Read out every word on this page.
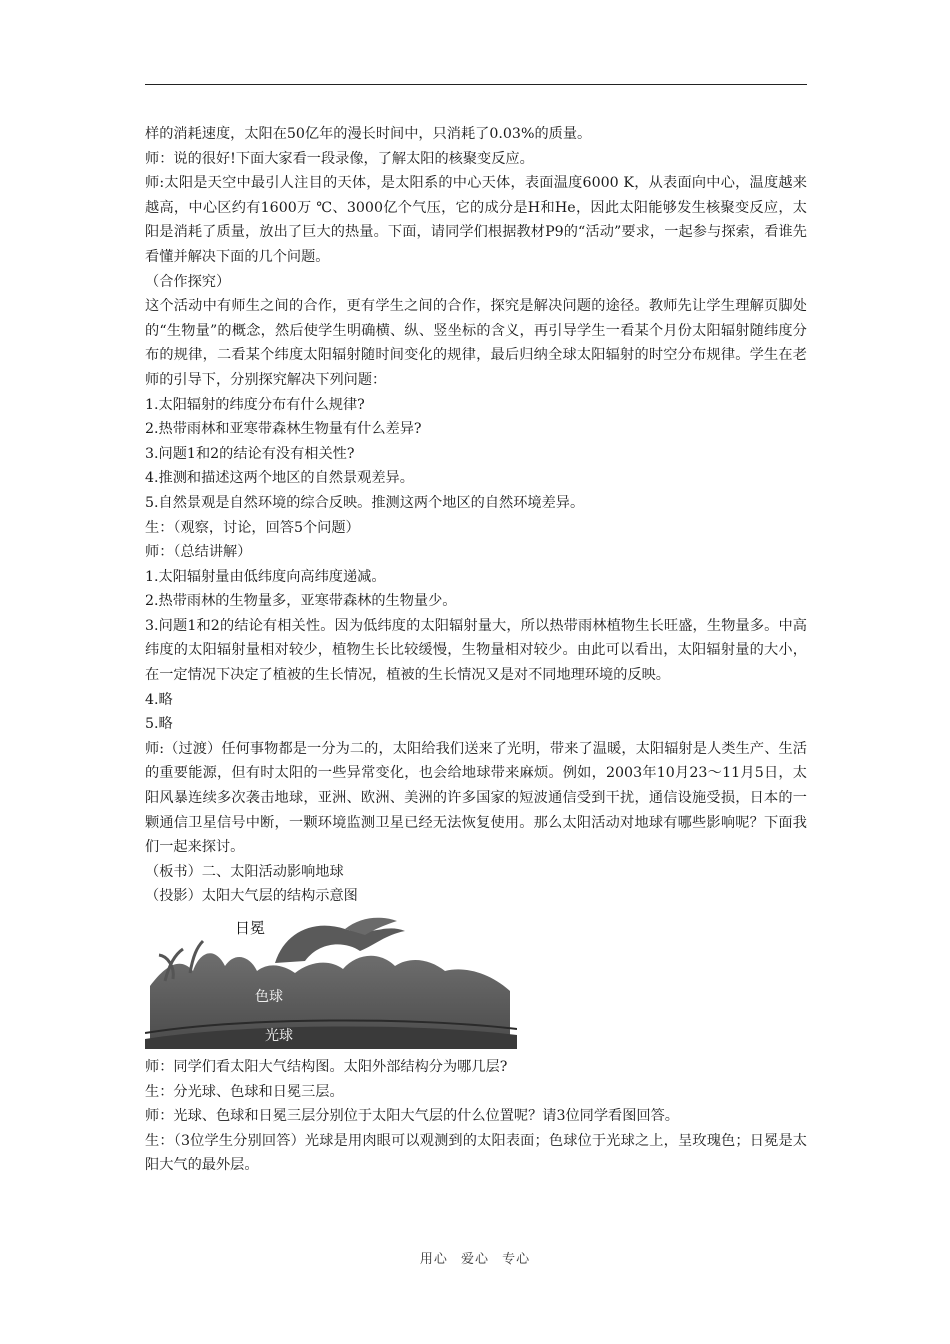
样的消耗速度，太阳在50亿年的漫长时间中，只消耗了0.03%的质量。

师：说的很好!下面大家看一段录像，了解太阳的核聚变反应。

师:太阳是天空中最引人注目的天体，是太阳系的中心天体，表面温度6000 K，从表面向中心，温度越来越高，中心区约有1600万 ℃、3000亿个气压，它的成分是H和He，因此太阳能够发生核聚变反应，太阳是消耗了质量，放出了巨大的热量。下面，请同学们根据教材P9的“活动”要求，一起参与探索，看谁先看懂并解决下面的几个问题。

（合作探究）

这个活动中有师生之间的合作，更有学生之间的合作，探究是解决问题的途径。教师先让学生理解页脚处的“生物量”的概念，然后使学生明确横、纵、竖坐标的含义，再引导学生一看某个月份太阳辐射随纬度分布的规律，二看某个纬度太阳辐射随时间变化的规律，最后归纳全球太阳辐射的时空分布规律。学生在老师的引导下，分别探究解决下列问题：

1.太阳辐射的纬度分布有什么规律?

2.热带雨林和亚寒带森林生物量有什么差异?

3.问题1和2的结论有没有相关性?

4.推测和描述这两个地区的自然景观差异。

5.自然景观是自然环境的综合反映。推测这两个地区的自然环境差异。

生：（观察，讨论，回答5个问题）

师：（总结讲解）

1.太阳辐射量由低纬度向高纬度递减。

2.热带雨林的生物量多，亚寒带森林的生物量少。

3.问题1和2的结论有相关性。因为低纬度的太阳辐射量大，所以热带雨林植物生长旺盛，生物量多。中高纬度的太阳辐射量相对较少，植物生长比较缓慢，生物量相对较少。由此可以看出，太阳辐射量的大小，在一定情况下决定了植被的生长情况，植被的生长情况又是对不同地理环境的反映。

4.略

5.略

师:（过渡）任何事物都是一分为二的，太阳给我们送来了光明，带来了温暖，太阳辐射是人类生产、生活的重要能源，但有时太阳的一些异常变化，也会给地球带来麻烦。例如，2003年10月23～11月5日，太阳风暴连续多次袭击地球，亚洲、欧洲、美洲的许多国家的短波通信受到干扰，通信设施受损，日本的一颗通信卫星信号中断，一颗环境监测卫星已经无法恢复使用。那么太阳活动对地球有哪些影响呢？下面我们一起来探讨。

（板书）二、太阳活动影响地球

（投影）太阳大气层的结构示意图

日冕
色球
光球

师：同学们看太阳大气结构图。太阳外部结构分为哪几层?

生：分光球、色球和日冕三层。

师：光球、色球和日冕三层分别位于太阳大气层的什么位置呢？请3位同学看图回答。

生：（3位学生分别回答）光球是用肉眼可以观测到的太阳表面；色球位于光球之上，呈玫瑰色；日冕是太阳大气的最外层。

用心 爱心 专心
